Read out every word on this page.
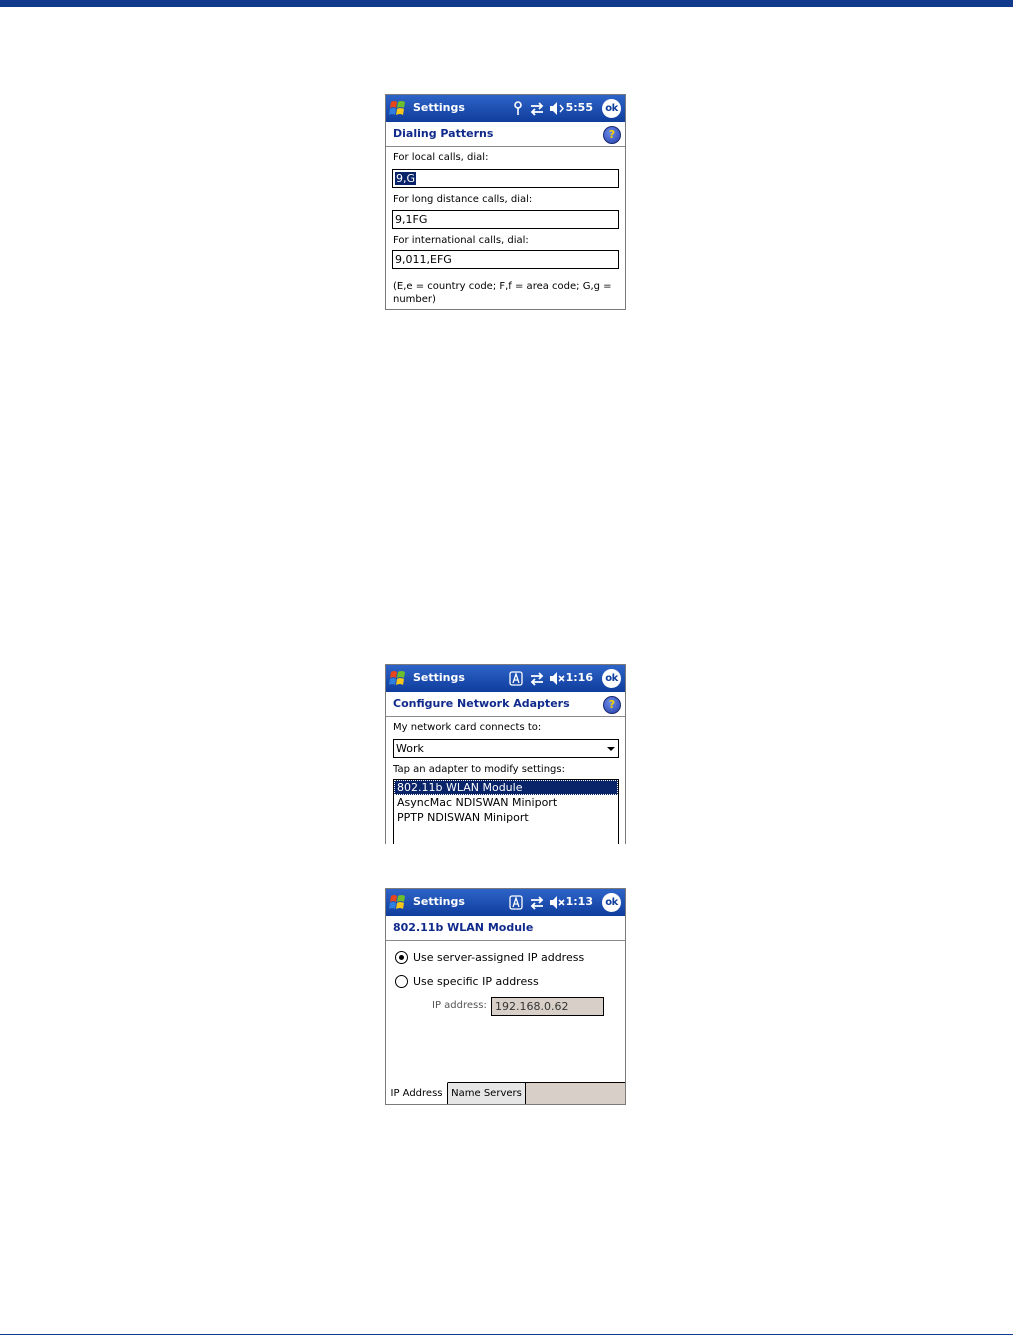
Settings	5:55	ok
Dialing Patterns	?
For local calls, dial:
9,G
For long distance calls, dial:
9,1FG
For international calls, dial:
9,011,EFG
(E,e = country code; F,f = area code; G,g =
number)
Settings	1:16	ok
Configure Network Adapters	?
My network card connects to:
Work
Tap an adapter to modify settings:
802.11b WLAN Module
AsyncMac NDISWAN Miniport
PPTP NDISWAN Miniport
Settings	1:13	ok
802.11b WLAN Module
Use server-assigned IP address
Use specific IP address
IP address: 192.168.0.62
IP Address Name Servers
